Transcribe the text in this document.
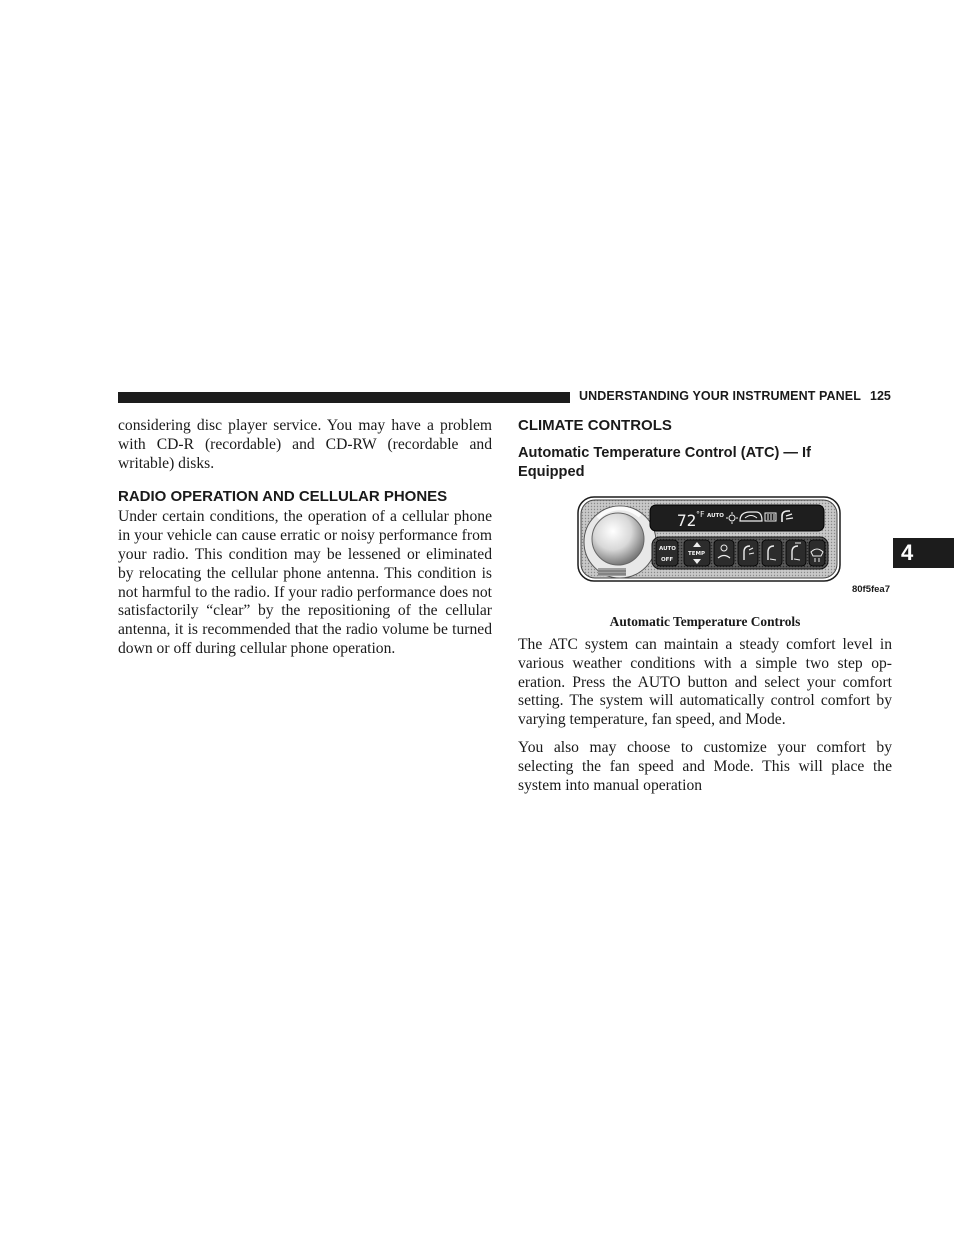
UNDERSTANDING YOUR INSTRUMENT PANEL 125

considering disc player service. You may have a problem with CD-R (recordable) and CD-RW (recordable and writable) disks.

RADIO OPERATION AND CELLULAR PHONES

Under certain conditions, the operation of a cellular phone in your vehicle can cause erratic or noisy performance from your radio. This condition may be lessened or eliminated by relocating the cellular phone antenna. This condition is not harmful to the radio. If your radio performance does not satisfactorily “clear” by the repositioning of the cellular antenna, it is recommended that the radio volume be turned down or off during cellular phone operation.

CLIMATE CONTROLS
Automatic Temperature Control (ATC) — If Equipped
72 °F AUTO
AUTO
OFF
TEMP
80f5fea7
Automatic Temperature Controls

The ATC system can maintain a steady comfort level in various weather conditions with a simple two step operation. Press the AUTO button and select your comfort setting. The system will automatically control comfort by varying temperature, fan speed, and Mode.

You also may choose to customize your comfort by selecting the fan speed and Mode. This will place the system into manual operation

4
